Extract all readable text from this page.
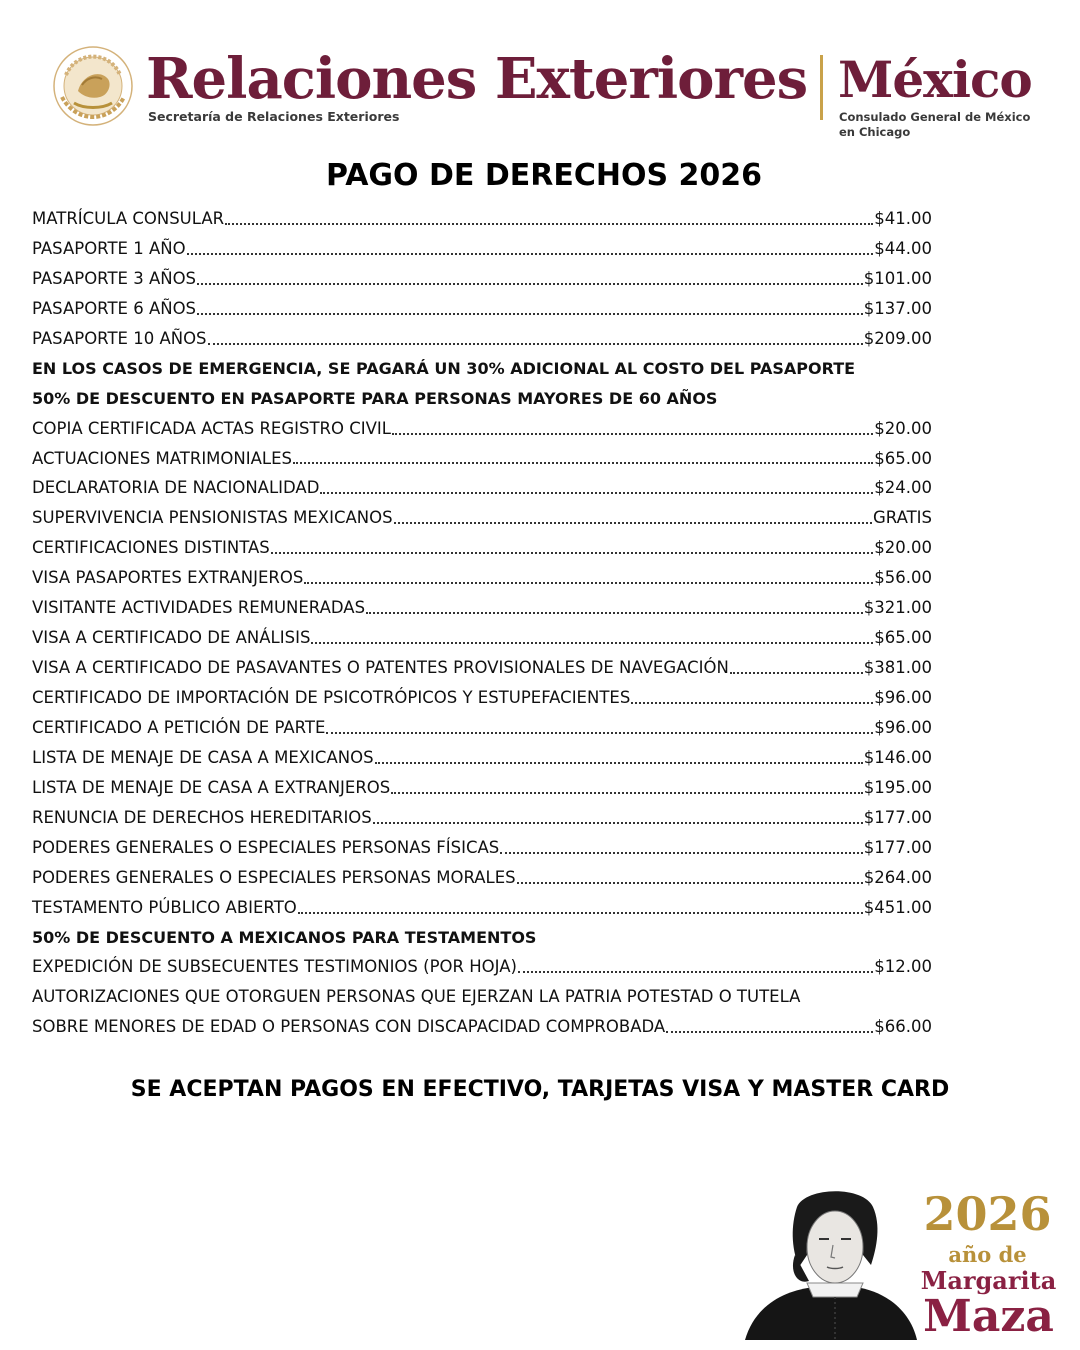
Relaciones Exteriores
Secretaría de Relaciones Exteriores
México
Consulado General de México
en Chicago
PAGO DE DERECHOS 2026
MATRÍCULA CONSULAR	$41.00
PASAPORTE 1 AÑO	$44.00
PASAPORTE 3 AÑOS	$101.00
PASAPORTE 6 AÑOS	$137.00
PASAPORTE 10 AÑOS	$209.00
EN LOS CASOS DE EMERGENCIA, SE PAGARÁ UN 30% ADICIONAL AL COSTO DEL PASAPORTE
50% DE DESCUENTO EN PASAPORTE PARA PERSONAS MAYORES DE 60 AÑOS
COPIA CERTIFICADA ACTAS REGISTRO CIVIL	$20.00
ACTUACIONES MATRIMONIALES	$65.00
DECLARATORIA DE NACIONALIDAD	$24.00
SUPERVIVENCIA PENSIONISTAS MEXICANOS	GRATIS
CERTIFICACIONES DISTINTAS	$20.00
VISA PASAPORTES EXTRANJEROS	$56.00
VISITANTE ACTIVIDADES REMUNERADAS	$321.00
VISA A CERTIFICADO DE ANÁLISIS	$65.00
VISA A CERTIFICADO DE PASAVANTES O PATENTES PROVISIONALES DE NAVEGACIÓN	$381.00
CERTIFICADO DE IMPORTACIÓN DE PSICOTRÓPICOS Y ESTUPEFACIENTES	$96.00
CERTIFICADO A PETICIÓN DE PARTE	$96.00
LISTA DE MENAJE DE CASA A MEXICANOS	$146.00
LISTA DE MENAJE DE CASA A EXTRANJEROS	$195.00
RENUNCIA DE DERECHOS HEREDITARIOS	$177.00
PODERES GENERALES O ESPECIALES PERSONAS FÍSICAS	$177.00
PODERES GENERALES O ESPECIALES PERSONAS MORALES	$264.00
TESTAMENTO PÚBLICO ABIERTO	$451.00
50% DE DESCUENTO A MEXICANOS PARA TESTAMENTOS
EXPEDICIÓN DE SUBSECUENTES TESTIMONIOS (POR HOJA)	$12.00
AUTORIZACIONES QUE OTORGUEN PERSONAS QUE EJERZAN LA PATRIA POTESTAD O TUTELA
SOBRE MENORES DE EDAD O PERSONAS CON DISCAPACIDAD COMPROBADA	$66.00
SE ACEPTAN PAGOS EN EFECTIVO, TARJETAS VISA Y MASTER CARD
2026
año de
Margarita
Maza
